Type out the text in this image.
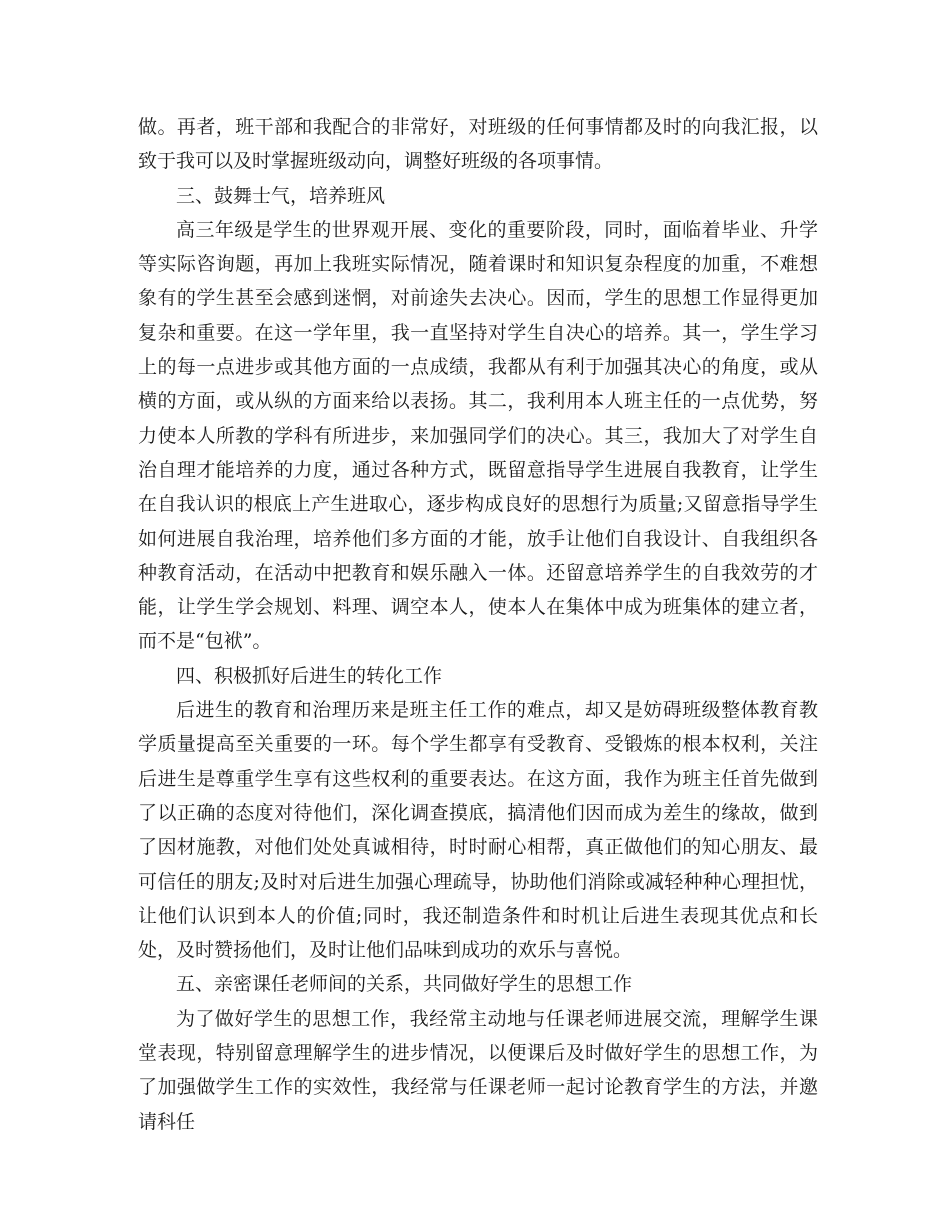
做。再者，班干部和我配合的非常好，对班级的任何事情都及时的向我汇报，以致于我可以及时掌握班级动向，调整好班级的各项事情。

三、鼓舞士气，培养班风

高三年级是学生的世界观开展、变化的重要阶段，同时，面临着毕业、升学等实际咨询题，再加上我班实际情况，随着课时和知识复杂程度的加重，不难想象有的学生甚至会感到迷惘，对前途失去决心。因而，学生的思想工作显得更加复杂和重要。在这一学年里，我一直坚持对学生自决心的培养。其一，学生学习上的每一点进步或其他方面的一点成绩，我都从有利于加强其决心的角度，或从横的方面，或从纵的方面来给以表扬。其二，我利用本人班主任的一点优势，努力使本人所教的学科有所进步，来加强同学们的决心。其三，我加大了对学生自治自理才能培养的力度，通过各种方式，既留意指导学生进展自我教育，让学生在自我认识的根底上产生进取心，逐步构成良好的思想行为质量;又留意指导学生如何进展自我治理，培养他们多方面的才能，放手让他们自我设计、自我组织各种教育活动，在活动中把教育和娱乐融入一体。还留意培养学生的自我效劳的才能，让学生学会规划、料理、调空本人，使本人在集体中成为班集体的建立者，而不是“包袱”。

四、积极抓好后进生的转化工作

后进生的教育和治理历来是班主任工作的难点，却又是妨碍班级整体教育教学质量提高至关重要的一环。每个学生都享有受教育、受锻炼的根本权利，关注后进生是尊重学生享有这些权利的重要表达。在这方面，我作为班主任首先做到了以正确的态度对待他们，深化调查摸底，搞清他们因而成为差生的缘故，做到了因材施教，对他们处处真诚相待，时时耐心相帮，真正做他们的知心朋友、最可信任的朋友;及时对后进生加强心理疏导，协助他们消除或减轻种种心理担忧，让他们认识到本人的价值;同时，我还制造条件和时机让后进生表现其优点和长处，及时赞扬他们，及时让他们品味到成功的欢乐与喜悦。

五、亲密课任老师间的关系，共同做好学生的思想工作

为了做好学生的思想工作，我经常主动地与任课老师进展交流，理解学生课堂表现，特别留意理解学生的进步情况，以便课后及时做好学生的思想工作，为了加强做学生工作的实效性，我经常与任课老师一起讨论教育学生的方法，并邀请科任
